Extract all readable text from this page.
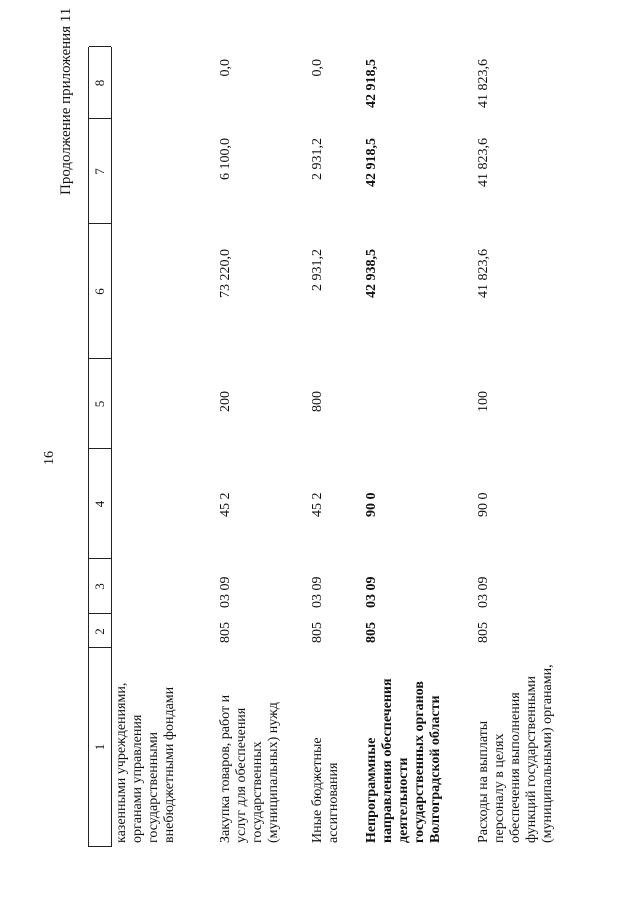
16
Продолжение приложения 11
1
2
3
4
5
6
7
8
казенными учреждениями, органами управления государственными внебюджетными фондами	Закупка товаров, работ и услуг для обеспечения государственных (муниципальных) нужд
805
03 09
45 2
200
73 220,0
6 100,0
0,0
Иные бюджетные ассигнования
805
03 09
45 2
800
2 931,2
2 931,2
0,0
Непрограммные направления обеспечения деятельности государственных органов Волгоградской области
805
03 09
90 0
42 938,5
42 918,5
42 918,5
Расходы на выплаты персоналу в целях обеспечения выполнения функций государственными (муниципальными) органами,
805
03 09
90 0
100
41 823,6
41 823,6
41 823,6
